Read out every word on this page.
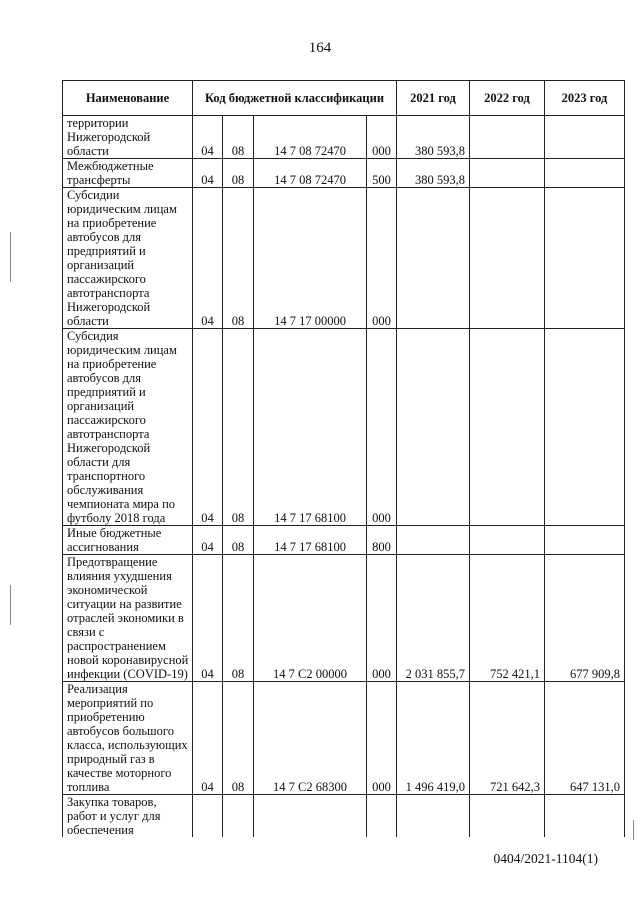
164
Наименование	Код бюджетной классификации				2021 год	2022 год	2023 год
территории Нижегородской области	04	08	14 7 08 72470	000	380 593,8		
Межбюджетные трансферты	04	08	14 7 08 72470	500	380 593,8		
Субсидии юридическим лицам на приобретение автобусов для предприятий и организаций пассажирского автотранспорта Нижегородской области	04	08	14 7 17 00000	000			
Субсидия юридическим лицам на приобретение автобусов для предприятий и организаций пассажирского автотранспорта Нижегородской области для транспортного обслуживания чемпионата мира по футболу 2018 года	04	08	14 7 17 68100	000			
Иные бюджетные ассигнования	04	08	14 7 17 68100	800			
Предотвращение влияния ухудшения экономической ситуации на развитие отраслей экономики в связи с распространением новой коронавирусной инфекции (COVID-19)	04	08	14 7 C2 00000	000	2 031 855,7	752 421,1	677 909,8
Реализация мероприятий по приобретению автобусов большого класса, использующих природный газ в качестве моторного топлива	04	08	14 7 C2 68300	000	1 496 419,0	721 642,3	647 131,0
Закупка товаров, работ и услуг для обеспечения							
0404/2021-1104(1)
